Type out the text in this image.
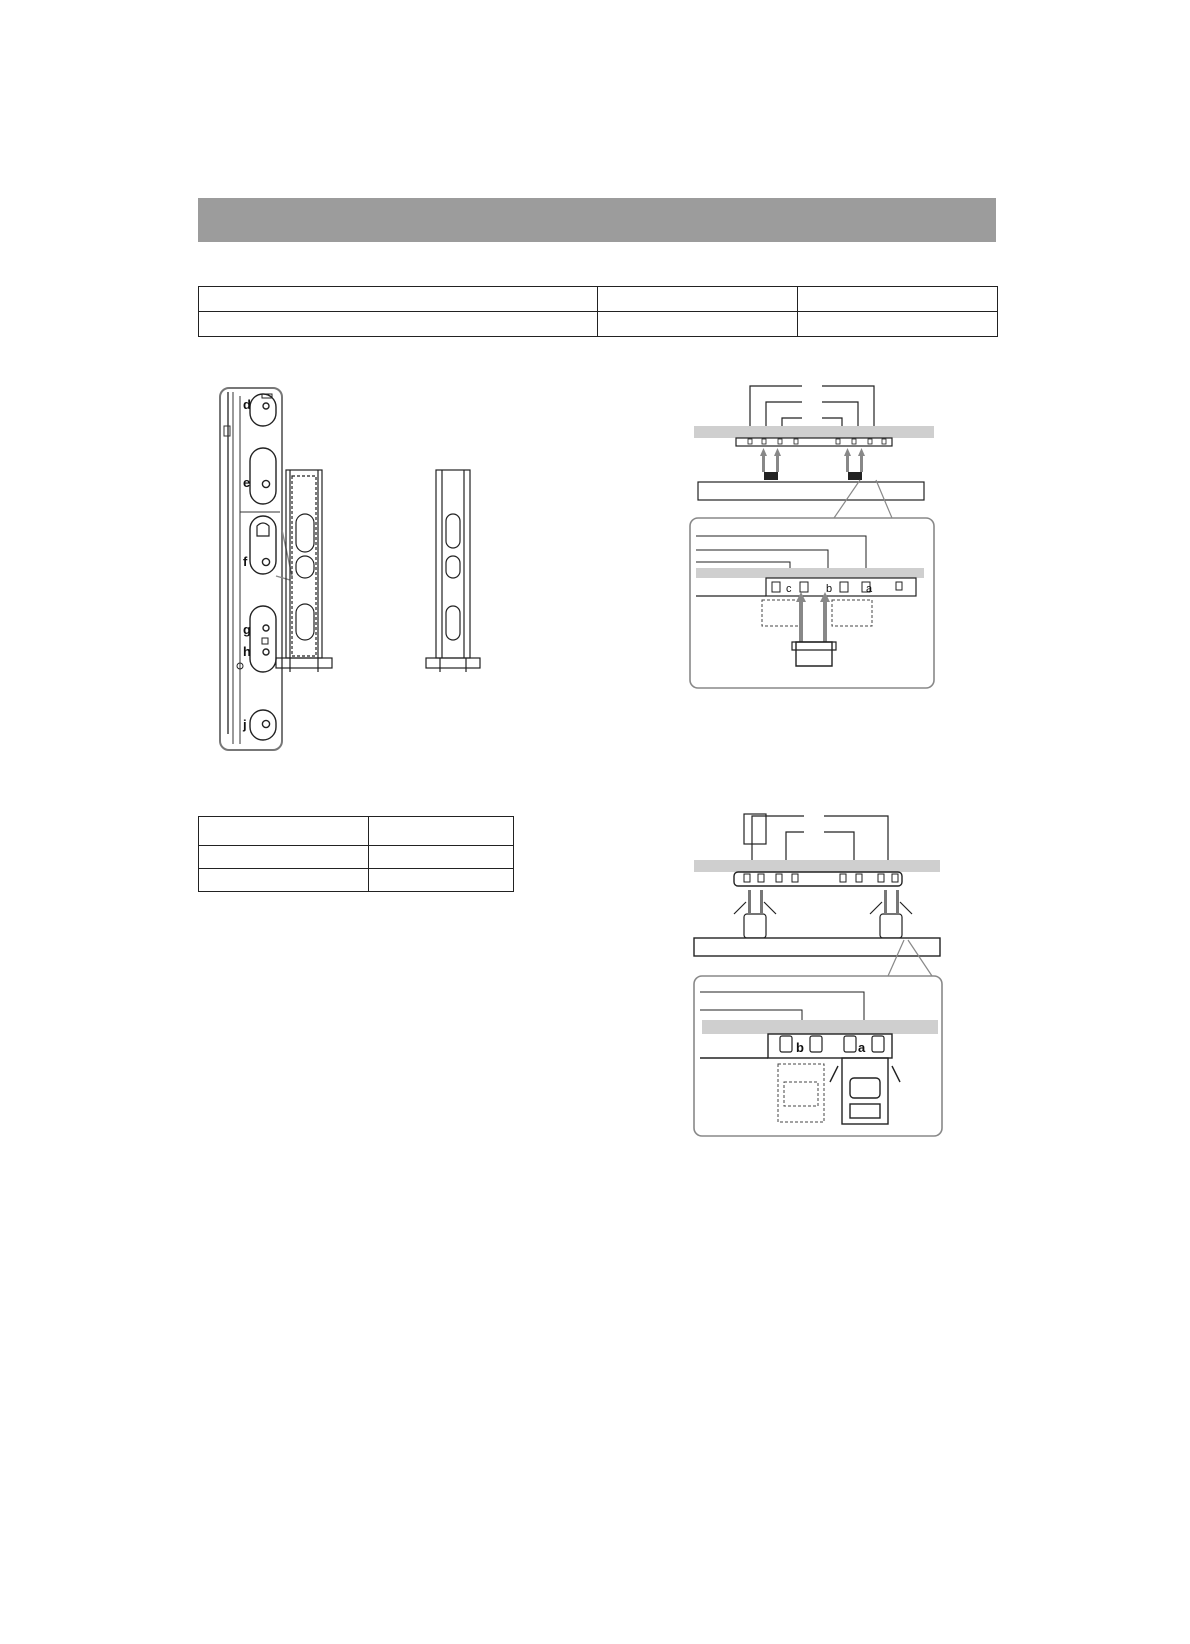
d
e
f
g
h
j
c	b	a
b	a
